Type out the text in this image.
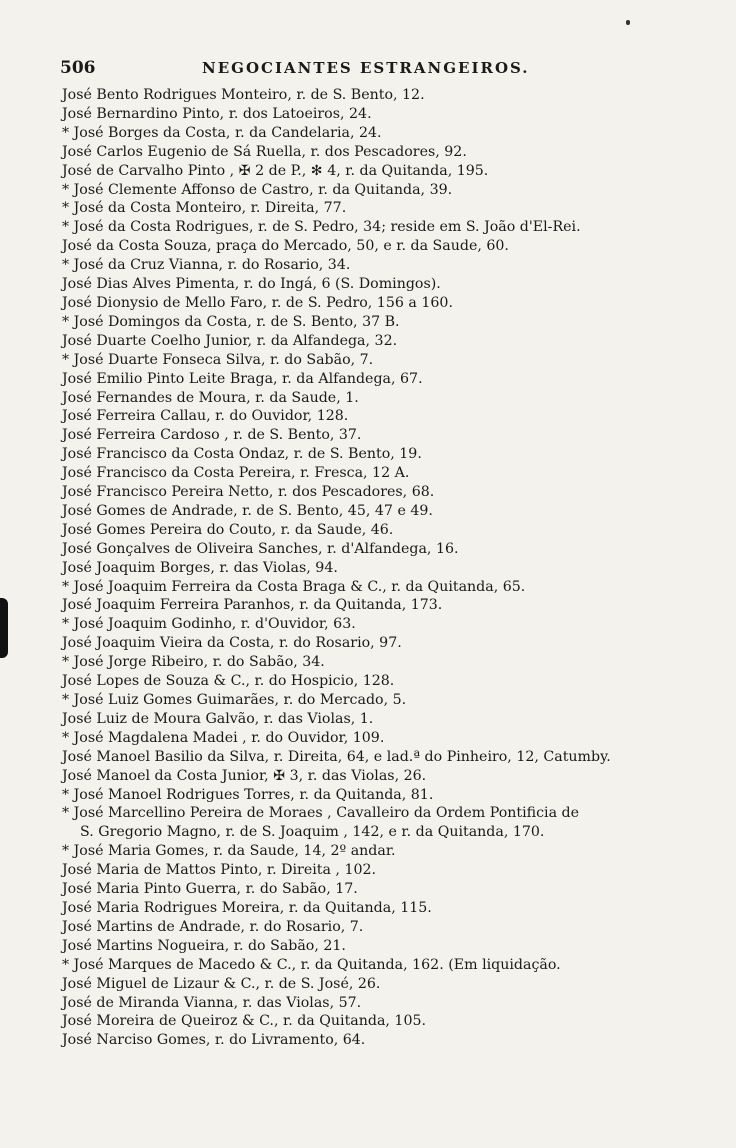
506	NEGOCIANTES ESTRANGEIROS.
José Bento Rodrigues Monteiro, r. de S. Bento, 12.
José Bernardino Pinto, r. dos Latoeiros, 24.
* José Borges da Costa, r. da Candelaria, 24.
José Carlos Eugenio de Sá Ruella, r. dos Pescadores, 92.
José de Carvalho Pinto , ✠ 2 de P., ✻ 4, r. da Quitanda, 195.
* José Clemente Affonso de Castro, r. da Quitanda, 39.
* José da Costa Monteiro, r. Direita, 77.
* José da Costa Rodrigues, r. de S. Pedro, 34; reside em S. João d'El-Rei.
José da Costa Souza, praça do Mercado, 50, e r. da Saude, 60.
* José da Cruz Vianna, r. do Rosario, 34.
José Dias Alves Pimenta, r. do Ingá, 6 (S. Domingos).
José Dionysio de Mello Faro, r. de S. Pedro, 156 a 160.
* José Domingos da Costa, r. de S. Bento, 37 B.
José Duarte Coelho Junior, r. da Alfandega, 32.
* José Duarte Fonseca Silva, r. do Sabão, 7.
José Emilio Pinto Leite Braga, r. da Alfandega, 67.
José Fernandes de Moura, r. da Saude, 1.
José Ferreira Callau, r. do Ouvidor, 128.
José Ferreira Cardoso , r. de S. Bento, 37.
José Francisco da Costa Ondaz, r. de S. Bento, 19.
José Francisco da Costa Pereira, r. Fresca, 12 A.
José Francisco Pereira Netto, r. dos Pescadores, 68.
José Gomes de Andrade, r. de S. Bento, 45, 47 e 49.
José Gomes Pereira do Couto, r. da Saude, 46.
José Gonçalves de Oliveira Sanches, r. d'Alfandega, 16.
José Joaquim Borges, r. das Violas, 94.
* José Joaquim Ferreira da Costa Braga & C., r. da Quitanda, 65.
José Joaquim Ferreira Paranhos, r. da Quitanda, 173.
* José Joaquim Godinho, r. d'Ouvidor, 63.
José Joaquim Vieira da Costa, r. do Rosario, 97.
* José Jorge Ribeiro, r. do Sabão, 34.
José Lopes de Souza & C., r. do Hospicio, 128.
* José Luiz Gomes Guimarães, r. do Mercado, 5.
José Luiz de Moura Galvão, r. das Violas, 1.
* José Magdalena Madei , r. do Ouvidor, 109.
José Manoel Basilio da Silva, r. Direita, 64, e lad.ª do Pinheiro, 12, Catumby.
José Manoel da Costa Junior, ✠ 3, r. das Violas, 26.
* José Manoel Rodrigues Torres, r. da Quitanda, 81.
* José Marcellino Pereira de Moraes , Cavalleiro da Ordem Pontificia de
S. Gregorio Magno, r. de S. Joaquim , 142, e r. da Quitanda, 170.
* José Maria Gomes, r. da Saude, 14, 2º andar.
José Maria de Mattos Pinto, r. Direita , 102.
José Maria Pinto Guerra, r. do Sabão, 17.
José Maria Rodrigues Moreira, r. da Quitanda, 115.
José Martins de Andrade, r. do Rosario, 7.
José Martins Nogueira, r. do Sabão, 21.
* José Marques de Macedo & C., r. da Quitanda, 162. (Em liquidação.
José Miguel de Lizaur & C., r. de S. José, 26.
José de Miranda Vianna, r. das Violas, 57.
José Moreira de Queiroz & C., r. da Quitanda, 105.
José Narciso Gomes, r. do Livramento, 64.
